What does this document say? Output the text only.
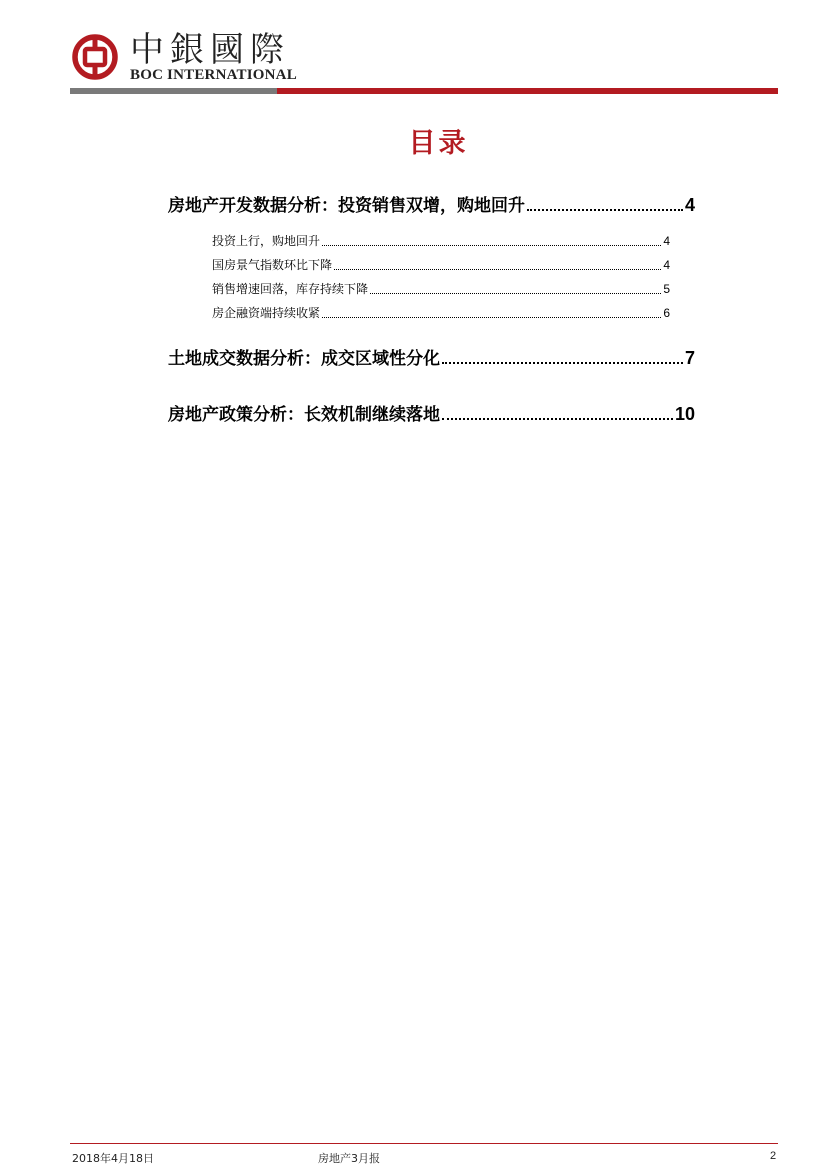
中銀國際
BOC INTERNATIONAL
目录
房地产开发数据分析：投资销售双增，购地回升	4
投资上行，购地回升	4
国房景气指数环比下降	4
销售增速回落，库存持续下降	5
房企融资端持续收紧	6
土地成交数据分析：成交区域性分化	7
房地产政策分析：长效机制继续落地	10
2018年4月18日	房地产3月报	2
